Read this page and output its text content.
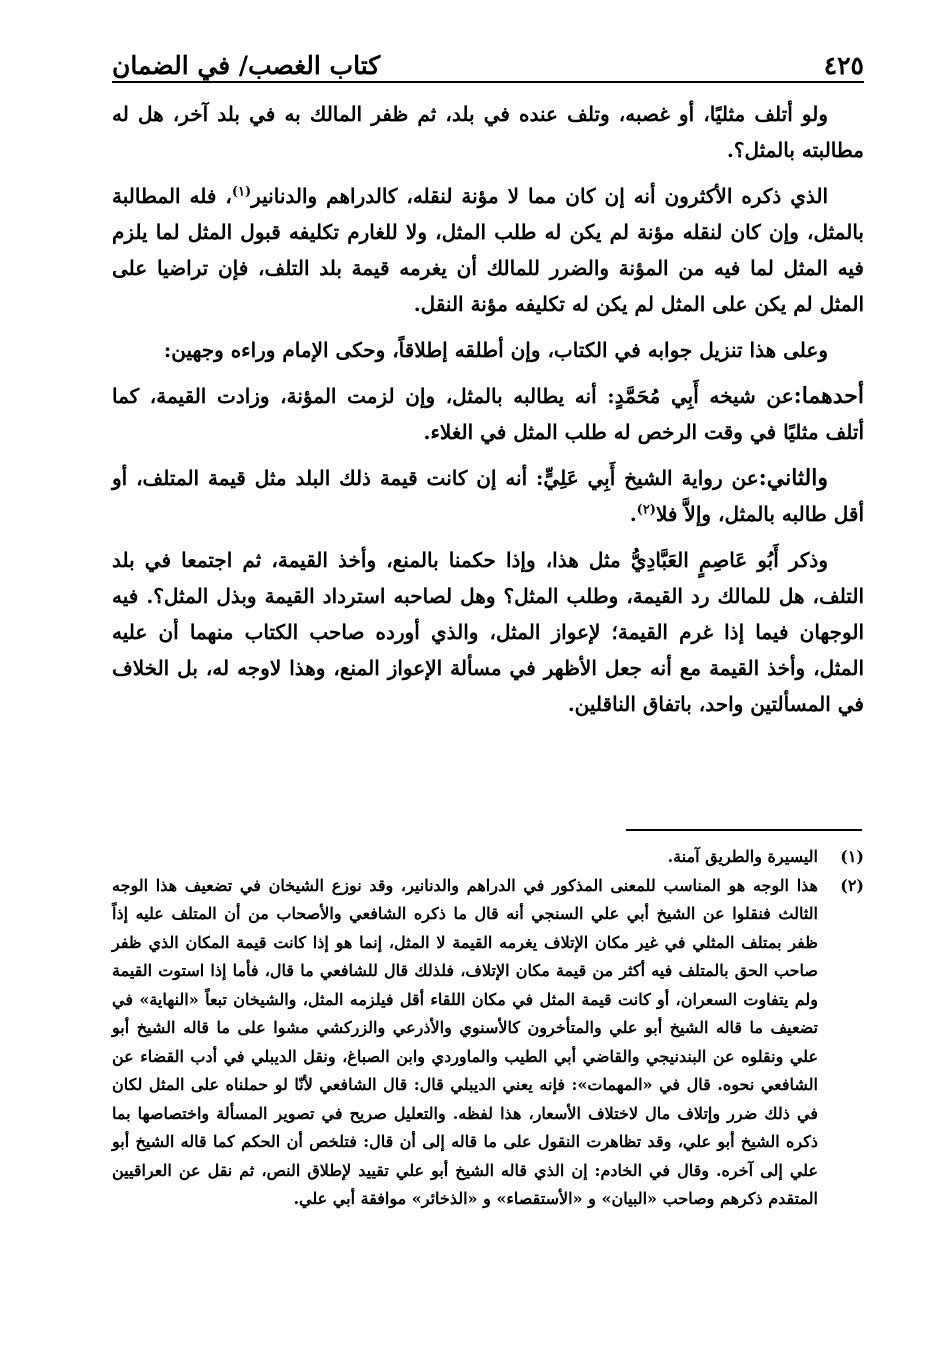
كتاب الغصب/ في الضمان	٤٢٥

ولو أتلف مثليًا، أو غصبه، وتلف عنده في بلد، ثم ظفر المالك به في بلد آخر، هل له مطالبته بالمثل؟.

الذي ذكره الأكثرون أنه إن كان مما لا مؤنة لنقله، كالدراهم والدنانير$^{(١)}$، فله المطالبة بالمثل، وإن كان لنقله مؤنة لم يكن له طلب المثل، ولا للغارم تكليفه قبول المثل لما يلزم فيه المثل لما فيه من المؤنة والضرر للمالك أن يغرمه قيمة بلد التلف، فإن تراضيا على المثل لم يكن على المثل لم يكن له تكليفه مؤنة النقل.

وعلى هذا تنزيل جوابه في الكتاب، وإن أطلقه إطلاقاً، وحكى الإمام وراءه وجهين:

أحدهما:عن شيخه أَبِي مُحَمَّدٍ: أنه يطالبه بالمثل، وإن لزمت المؤنة، وزادت القيمة، كما أتلف مثليًا في وقت الرخص له طلب المثل في الغلاء.

والثاني:عن رواية الشيخ أَبِي عَلِيٍّ: أنه إن كانت قيمة ذلك البلد مثل قيمة المتلف، أو أقل طالبه بالمثل، وإلاَّ فلا$^{(٢)}$.

وذكر أَبُو عَاصِمٍ العَبَّادِيُّ مثل هذا، وإذا حكمنا بالمنع، وأخذ القيمة، ثم اجتمعا في بلد التلف، هل للمالك رد القيمة، وطلب المثل؟ وهل لصاحبه استرداد القيمة وبذل المثل؟. فيه الوجهان فيما إذا غرم القيمة؛ لإعواز المثل، والذي أورده صاحب الكتاب منهما أن عليه المثل، وأخذ القيمة مع أنه جعل الأظهر في مسألة الإعواز المنع، وهذا لاوجه له، بل الخلاف في المسألتين واحد، باتفاق الناقلين.

(١)
اليسيرة والطريق آمنة.
(٢)
هذا الوجه هو المناسب للمعنى المذكور في الدراهم والدنانير، وقد نوزع الشيخان في تضعيف هذا الوجه الثالث فنقلوا عن الشيخ أبي علي السنجي أنه قال ما ذكره الشافعي والأصحاب من أن المتلف عليه إذاً ظفر بمتلف المثلي في غير مكان الإتلاف يغرمه القيمة لا المثل، إنما هو إذا كانت قيمة المكان الذي ظفر صاحب الحق بالمتلف فيه أكثر من قيمة مكان الإتلاف، فلذلك قال للشافعي ما قال، فأما إذا استوت القيمة ولم يتفاوت السعران، أو كانت قيمة المثل في مكان اللقاء أقل فيلزمه المثل، والشيخان تبعاً «النهاية» في تضعيف ما قاله الشيخ أبو علي والمتأخرون كالأسنوي والأذرعي والزركشي مشوا على ما قاله الشيخ أبو علي ونقلوه عن البندنيجي والقاضي أبي الطيب والماوردي وابن الصباغ، ونقل الديبلي في أدب القضاء عن الشافعي نحوه. قال في «المهمات»: فإنه يعني الديبلي قال: قال الشافعي لأنّا لو حملناه على المثل لكان في ذلك ضرر وإتلاف مال لاختلاف الأسعار، هذا لفظه. والتعليل صريح في تصوير المسألة واختصاصها بما ذكره الشيخ أبو علي، وقد تظاهرت النقول على ما قاله إلى أن قال: فتلخص أن الحكم كما قاله الشيخ أبو علي إلى آخره. وقال في الخادم: إن الذي قاله الشيخ أبو علي تقييد لإطلاق النص، ثم نقل عن العراقيين المتقدم ذكرهم وصاحب «البيان» و «الأستقصاء» و «الذخائر» موافقة أبي علي.
